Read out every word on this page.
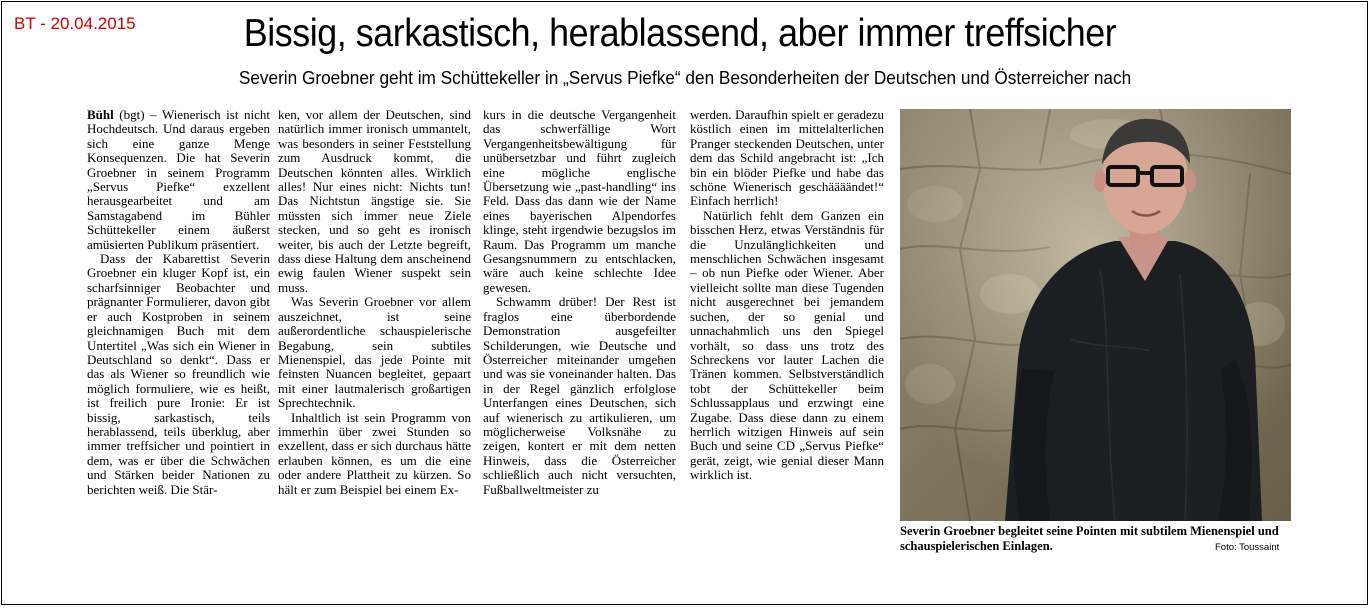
BT - 20.04.2015	Bissig, sarkastisch, herablassend, aber immer treffsicher
Severin Groebner geht im Schüttekeller in „Servus Piefke“ den Besonderheiten der Deutschen und Österreicher nach

Bühl (bgt) – Wienerisch ist nicht Hochdeutsch. Und daraus ergeben sich eine ganze Menge Konsequenzen. Die hat Severin Groebner in seinem Programm „Servus Piefke“ exzellent herausgearbeitet und am Samstagabend im Bühler Schüttekeller einem äußerst amüsierten Publikum präsentiert.

Dass der Kabarettist Severin Groebner ein kluger Kopf ist, ein scharfsinniger Beobachter und prägnanter Formulierer, davon gibt er auch Kostproben in seinem gleichnamigen Buch mit dem Untertitel „Was sich ein Wiener in Deutschland so denkt“. Dass er das als Wiener so freundlich wie möglich formuliere, wie es heißt, ist freilich pure Ironie: Er ist bissig, sarkastisch, teils herablassend, teils überklug, aber immer treffsicher und pointiert in dem, was er über die Schwächen und Stärken beider Nationen zu berichten weiß. Die Stär-

ken, vor allem der Deutschen, sind natürlich immer ironisch ummantelt, was besonders in seiner Feststellung zum Ausdruck kommt, die Deutschen könnten alles. Wirklich alles! Nur eines nicht: Nichts tun! Das Nichtstun ängstige sie. Sie müssten sich immer neue Ziele stecken, und so geht es ironisch weiter, bis auch der Letzte begreift, dass diese Haltung dem anscheinend ewig faulen Wiener suspekt sein muss.

Was Severin Groebner vor allem auszeichnet, ist seine außerordentliche schauspielerische Begabung, sein subtiles Mienenspiel, das jede Pointe mit feinsten Nuancen begleitet, gepaart mit einer lautmalerisch großartigen Sprechtechnik.

Inhaltlich ist sein Programm von immerhin über zwei Stunden so exzellent, dass er sich durchaus hätte erlauben können, es um die eine oder andere Plattheit zu kürzen. So hält er zum Beispiel bei einem Ex-

kurs in die deutsche Vergangenheit das schwerfällige Wort Vergangenheitsbewältigung für unübersetzbar und führt zugleich eine mögliche englische Übersetzung wie „past-handling“ ins Feld. Dass das dann wie der Name eines bayerischen Alpendorfes klinge, steht irgendwie bezugslos im Raum. Das Programm um manche Gesangsnummern zu entschlacken, wäre auch keine schlechte Idee gewesen.

Schwamm drüber! Der Rest ist fraglos eine überbordende Demonstration ausgefeilter Schilderungen, wie Deutsche und Österreicher miteinander umgehen und was sie voneinander halten. Das in der Regel gänzlich erfolglose Unterfangen eines Deutschen, sich auf wienerisch zu artikulieren, um möglicherweise Volksnähe zu zeigen, kontert er mit dem netten Hinweis, dass die Österreicher schließlich auch nicht versuchten, Fußballweltmeister zu

werden. Daraufhin spielt er geradezu köstlich einen im mittelalterlichen Pranger steckenden Deutschen, unter dem das Schild angebracht ist: „Ich bin ein blöder Piefke und habe das schöne Wienerisch geschäääändet!“ Einfach herrlich!

Natürlich fehlt dem Ganzen ein bisschen Herz, etwas Verständnis für die Unzulänglichkeiten und menschlichen Schwächen insgesamt – ob nun Piefke oder Wiener. Aber vielleicht sollte man diese Tugenden nicht ausgerechnet bei jemandem suchen, der so genial und unnachahmlich uns den Spiegel vorhält, so dass uns trotz des Schreckens vor lauter Lachen die Tränen kommen. Selbstverständlich tobt der Schüttekeller beim Schlussapplaus und erzwingt eine Zugabe. Dass diese dann zu einem herrlich witzigen Hinweis auf sein Buch und seine CD „Servus Piefke“ gerät, zeigt, wie genial dieser Mann wirklich ist.

Severin Groebner begleitet seine Pointen mit subtilem Mienenspiel und schauspielerischen Einlagen.	Foto: Toussaint
